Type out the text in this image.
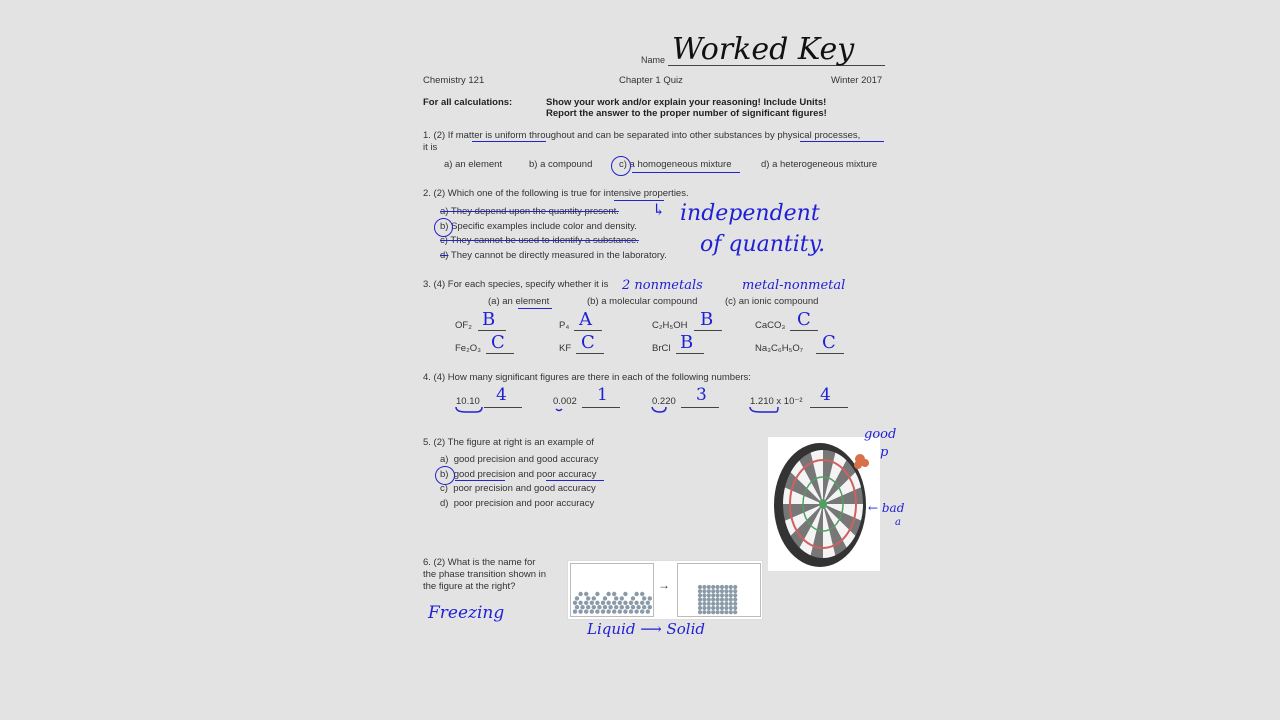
Name Worked Key
Chemistry 121	Chapter 1 Quiz	Winter 2017
For all calculations:	Show your work and/or explain your reasoning! Include Units!
Report the answer to the proper number of significant figures!
1. (2) If matter is uniform throughout and can be separated into other substances by physical processes,
it is
a) an element	b) a compound	c) a homogeneous mixture	d) a heterogeneous mixture
2. (2) Which one of the following is true for intensive properties.
a) They depend upon the quantity present.
b) Specific examples include color and density.
c) They cannot be used to identify a substance.
d) They cannot be directly measured in the laboratory.
↳ independent
of quantity.
3. (4) For each species, specify whether it is 2 nonmetals	metal-nonmetal
(a) an element	(b) a molecular compound	(c) an ionic compound
OF₂ B	P₄ A	C₂H₅OH B	CaCO₃ C
Fe₂O₃ C	KF C	BrCl B	Na₃C₆H₅O₇ C
4. (4) How many significant figures are there in each of the following numbers:
10.10 4	0.002 1	0.220 3	1.210 x 10⁻² 4
5. (2) The figure at right is an example of
a) good precision and good accuracy
b) good precision and poor accuracy
c) poor precision and good accuracy
d) poor precision and poor accuracy
good
p
← bad
a
6. (2) What is the name for
the phase transition shown in
the figure at the right?
Freezing
→
Liquid ⟶ Solid
